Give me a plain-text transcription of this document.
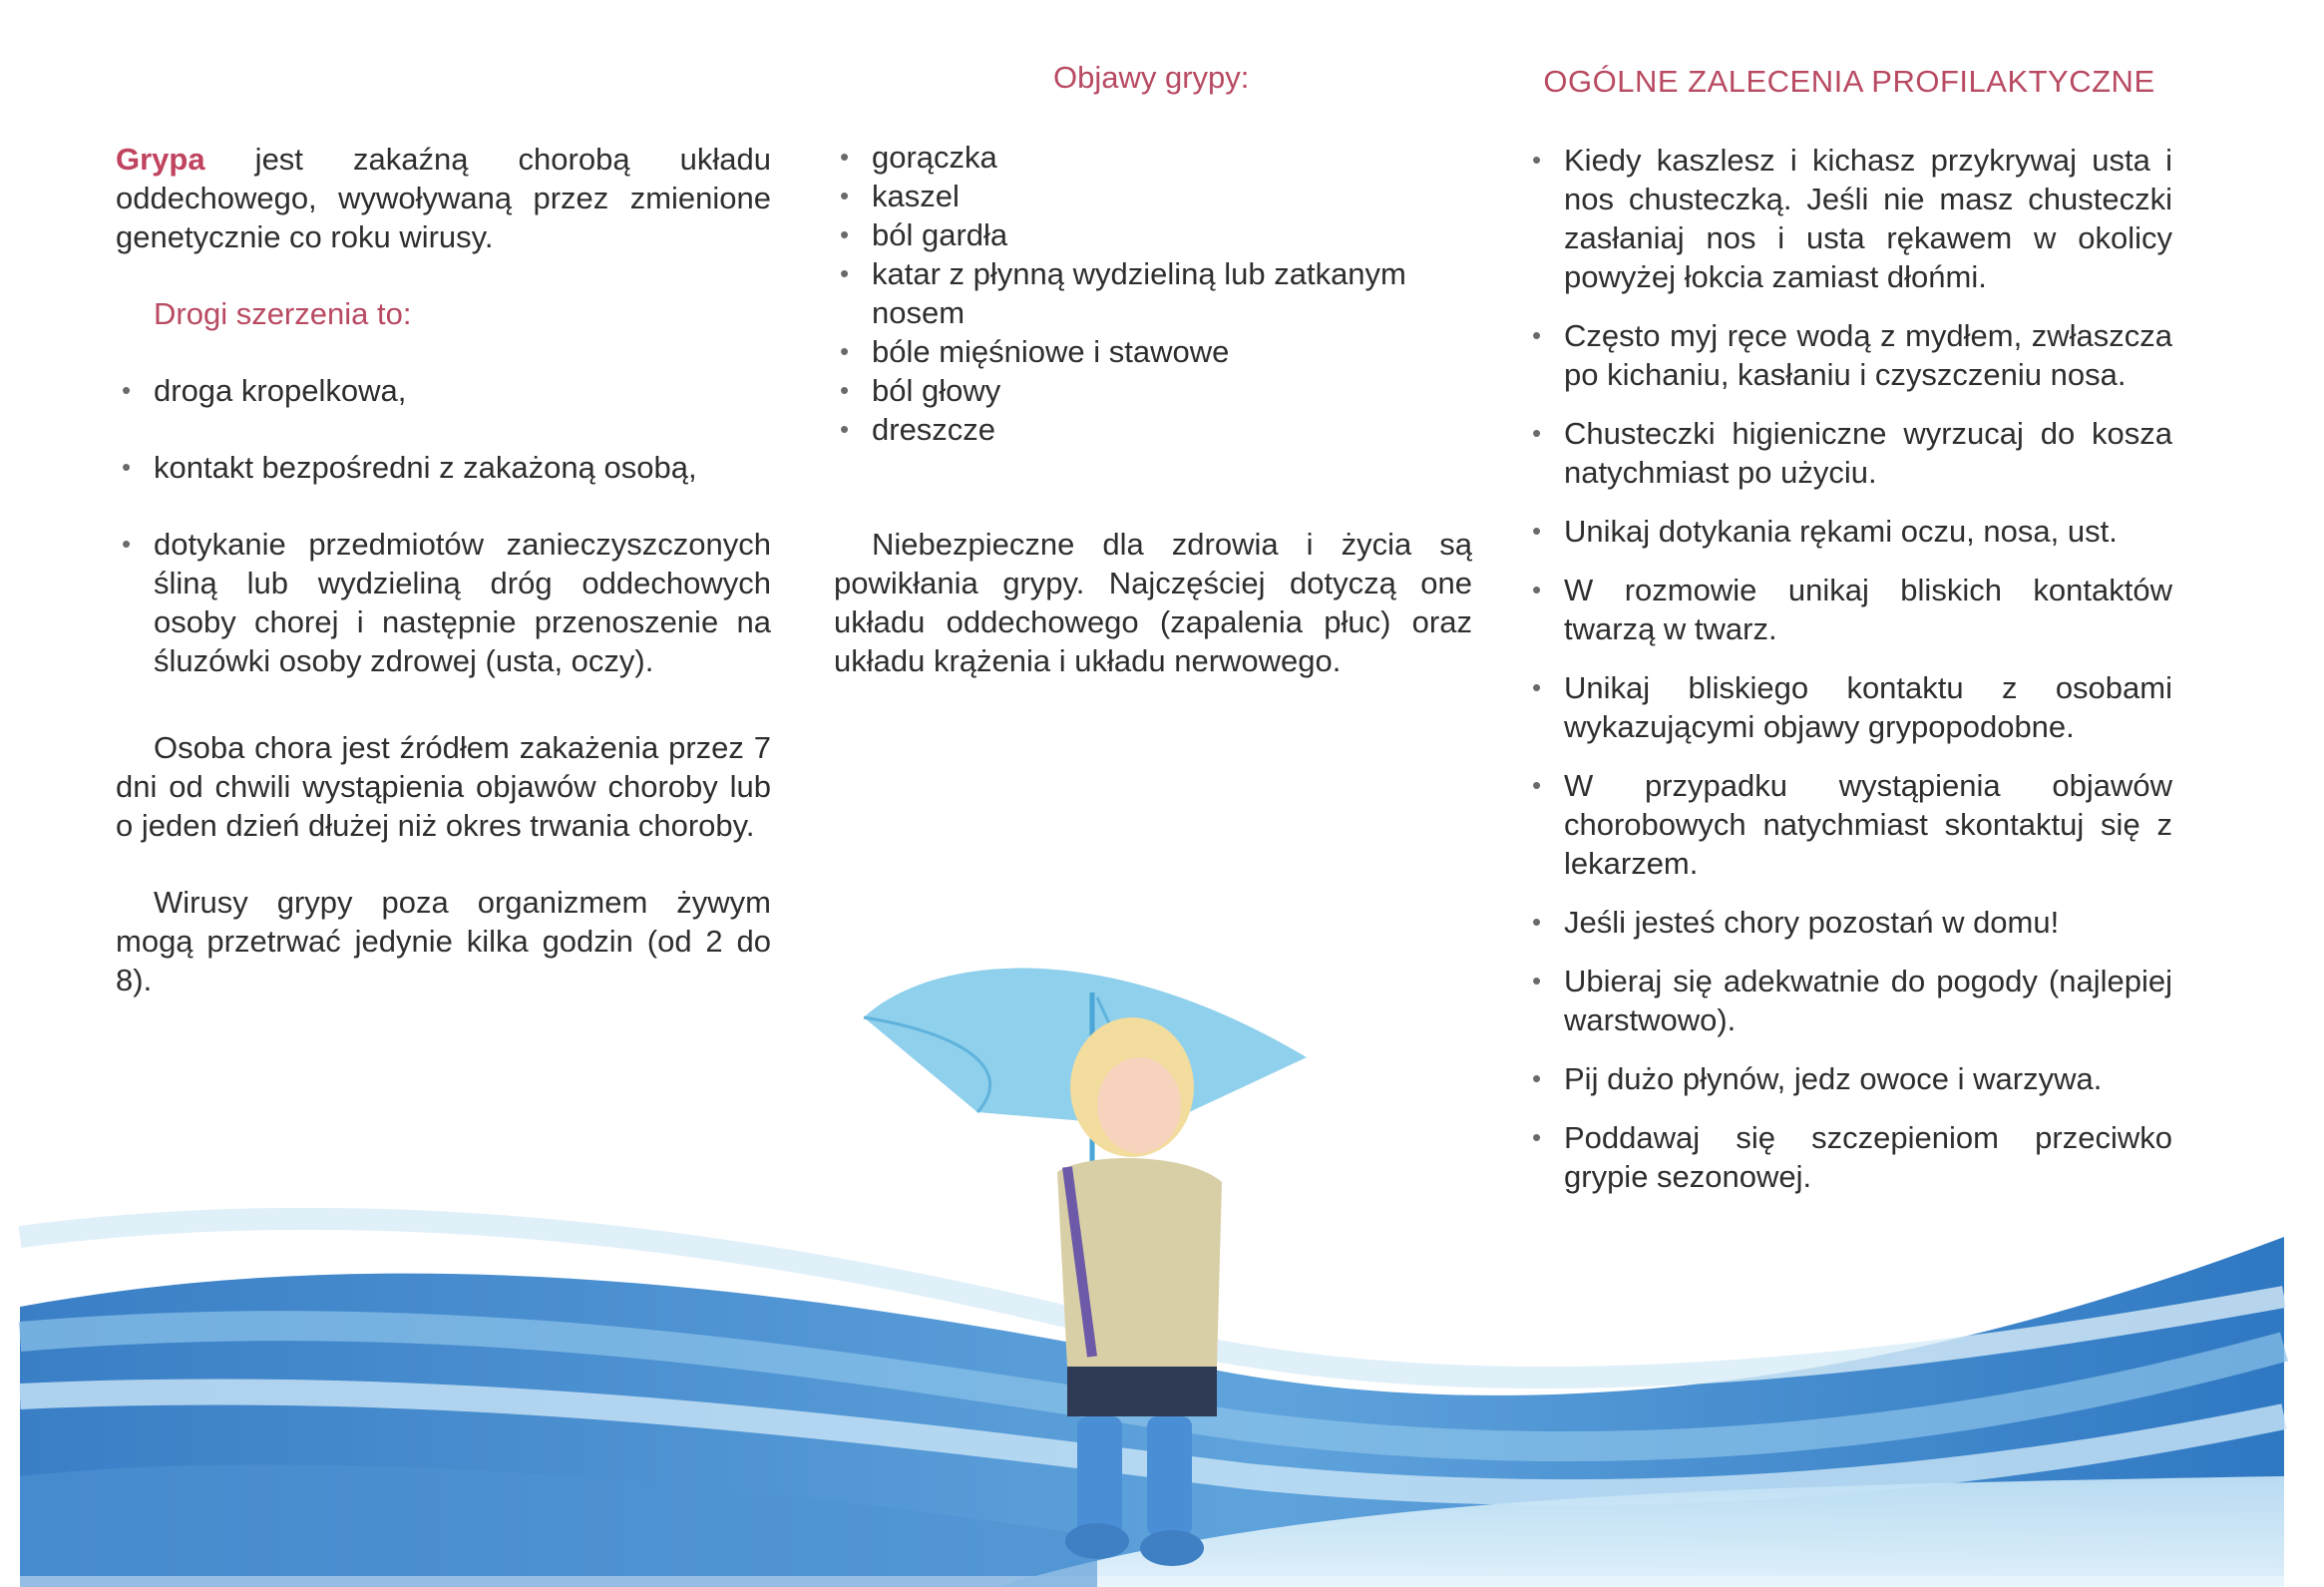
Grypa jest zakaźną chorobą układu oddechowego, wywoływaną przez zmienione genetycznie co roku wirusy.

Drogi szerzenia to:
• droga kropelkowa,
• kontakt bezpośredni z zakażoną osobą,
• dotykanie przedmiotów zanieczyszczonych śliną lub wydzieliną dróg oddechowych osoby chorej i następnie przenoszenie na śluzówki osoby zdrowej (usta, oczy).

Osoba chora jest źródłem zakażenia przez 7 dni od chwili wystąpienia objawów choroby lub o jeden dzień dłużej niż okres trwania choroby.

Wirusy grypy poza organizmem żywym mogą przetrwać jedynie kilka godzin (od 2 do 8).

Objawy grypy:
• gorączka
• kaszel
• ból gardła
• katar z płynną wydzieliną lub zatkanym nosem
• bóle mięśniowe i stawowe
• ból głowy
• dreszcze

Niebezpieczne dla zdrowia i życia są powikłania grypy. Najczęściej dotyczą one układu oddechowego (zapalenia płuc) oraz układu krążenia i układu nerwowego.

OGÓLNE ZALECENIA PROFILAKTYCZNE
• Kiedy kaszlesz i kichasz przykrywaj usta i nos chusteczką. Jeśli nie masz chusteczki zasłaniaj nos i usta rękawem w okolicy powyżej łokcia zamiast dłońmi.
• Często myj ręce wodą z mydłem, zwłaszcza po kichaniu, kasłaniu i czyszczeniu nosa.
• Chusteczki higieniczne wyrzucaj do kosza natychmiast po użyciu.
• Unikaj dotykania rękami oczu, nosa, ust.
• W rozmowie unikaj bliskich kontaktów twarzą w twarz.
• Unikaj bliskiego kontaktu z osobami wykazującymi objawy grypopodobne.
• W przypadku wystąpienia objawów chorobowych natychmiast skontaktuj się z lekarzem.
• Jeśli jesteś chory pozostań w domu!
• Ubieraj się adekwatnie do pogody (najlepiej warstwowo).
• Pij dużo płynów, jedz owoce i warzywa.
• Poddawaj się szczepieniom przeciwko grypie sezonowej.
